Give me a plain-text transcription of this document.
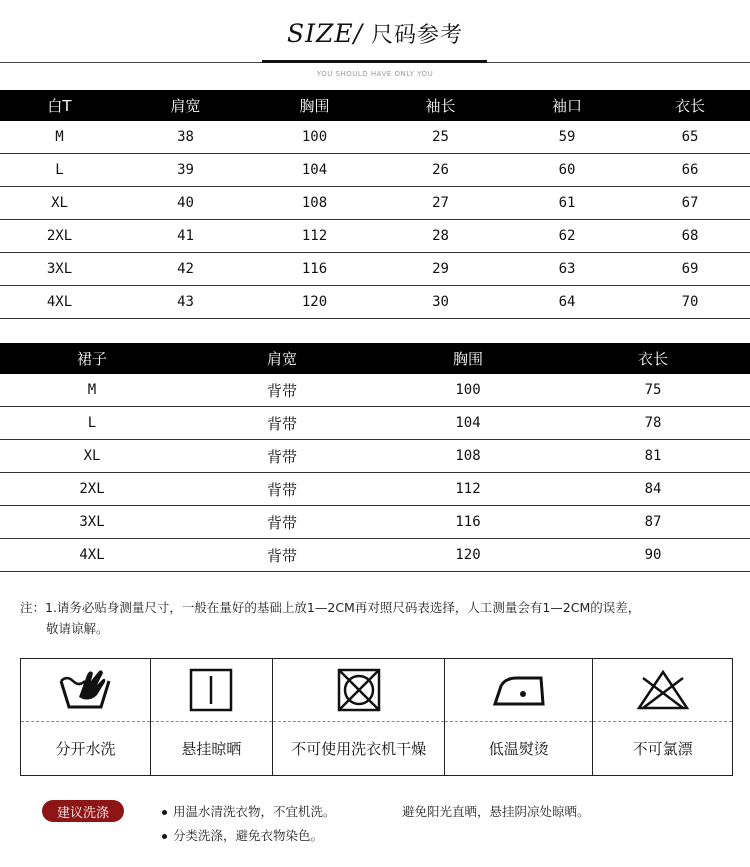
SIZE/ 尺码参考
YOU SHOULD HAVE ONLY YOU
白T	肩宽	胸围	袖长	袖口	衣长
M	38	100	25	59	65
L	39	104	26	60	66
XL	40	108	27	61	67
2XL	41	112	28	62	68
3XL	42	116	29	63	69
4XL	43	120	30	64	70
裙子	肩宽	胸围	衣长
M	背带	100	75
L	背带	104	78
XL	背带	108	81
2XL	背带	112	84
3XL	背带	116	87
4XL	背带	120	90
注：1.请务必贴身测量尺寸，一般在量好的基础上放1—2CM再对照尺码表选择，人工测量会有1—2CM的误差，
敬请谅解。
分开水洗	悬挂晾晒	不可使用洗衣机干燥	低温熨烫	不可氯漂
建议洗涤	用温水清洗衣物，不宜机洗。	避免阳光直晒，悬挂阴凉处晾晒。
分类洗涤，避免衣物染色。
